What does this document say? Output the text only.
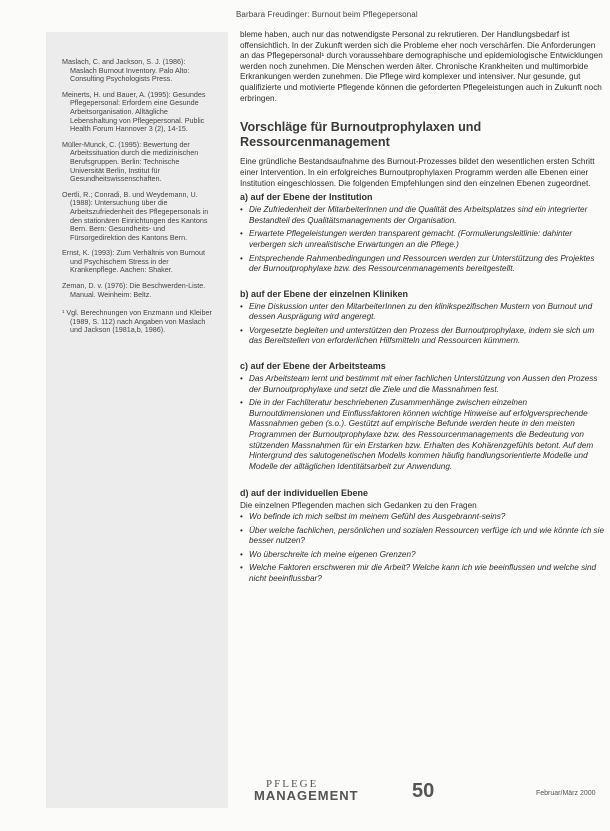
Barbara Freudinger: Burnout beim Pflegepersonal

Maslach, C. and Jackson, S. J. (1986): Maslach Burnout Inventory. Palo Alto: Consulting Psychologists Press.

Meinerts, H. und Bauer, A. (1995): Gesundes Pflegepersonal: Erfordern eine Gesunde Arbeitsorganisation. Alltägliche Lebenshaltung von Pflegepersonal. Public Health Forum Hannover 3 (2), 14-15.

Müller-Munck, C. (1995): Bewertung der Arbeitssituation durch die medizinischen Berufsgruppen. Berlin: Technische Universität Berlin, Institut für Gesundheitswissenschaften.

Oertli, R.; Conradi, B. und Weydemann, U. (1988): Untersuchung über die Arbeitszufriedenheit des Pflegepersonals in den stationären Einrichtungen des Kantons Bern. Bern: Gesundheits- und Fürsorgedirektion des Kantons Bern.

Ernst, K. (1993): Zum Verhältnis von Burnout und Psychischem Stress in der Krankenpflege. Aachen: Shaker.

Zeman, D. v. (1976): Die Beschwerden-Liste. Manual. Weinheim: Beltz.

¹ Vgl. Berechnungen von Enzmann und Kleiber (1989, S. 112) nach Angaben von Maslach und Jackson (1981a,b, 1986).

bleme haben, auch nur das notwendigste Personal zu rekrutieren. Der Handlungsbedarf ist offensichtlich. In der Zukunft werden sich die Probleme eher noch verschärfen. Die Anforderungen an das Pflegepersonal¹ durch voraussehbare demographische und epidemiologische Entwicklungen werden noch zunehmen. Die Menschen werden älter. Chronische Krankheiten und multimorbide Erkrankungen werden zunehmen. Die Pflege wird komplexer und intensiver. Nur gesunde, gut qualifizierte und motivierte Pflegende können die geforderten Pflegeleistungen auch in Zukunft noch erbringen.

Vorschläge für Burnoutprophylaxen und Ressourcenmanagement

Eine gründliche Bestandsaufnahme des Burnout-Prozesses bildet den wesentlichen ersten Schritt einer Intervention. In ein erfolgreiches Burnoutprophylaxen Programm werden alle Ebenen einer Institution eingeschlossen. Die folgenden Empfehlungen sind den einzelnen Ebenen zugeordnet.

a) auf der Ebene der Institution
• Die Zufriedenheit der MitarbeiterInnen und die Qualität des Arbeitsplatzes sind ein integrierter Bestandteil des Qualitätsmanagements der Organisation.
• Erwartete Pflegeleistungen werden transparent gemacht. (Formulierungsleitlinie: dahinter verbergen sich unrealistische Erwartungen an die Pflege.)
• Entsprechende Rahmenbedingungen und Ressourcen werden zur Unterstützung des Projektes der Burnoutprophylaxe bzw. des Ressourcenmanagements bereitgestellt.
b) auf der Ebene der einzelnen Kliniken
• Eine Diskussion unter den MitarbeiterInnen zu den klinikspezifischen Mustern von Burnout und dessen Ausprägung wird angeregt.
• Vorgesetzte begleiten und unterstützen den Prozess der Burnoutprophylaxe, indem sie sich um das Bereitstellen von erforderlichen Hilfsmitteln und Ressourcen kümmern.
c) auf der Ebene der Arbeitsteams
• Das Arbeitsteam lernt und bestimmt mit einer fachlichen Unterstützung von Aussen den Prozess der Burnoutprophylaxe und setzt die Ziele und die Massnahmen fest.
• Die in der Fachliteratur beschriebenen Zusammenhänge zwischen einzelnen Burnoutdimensionen und Einflussfaktoren können wichtige Hinweise auf erfolgversprechende Massnahmen geben (s.o.). Gestützt auf empirische Befunde werden heute in den meisten Programmen der Burnoutprophylaxe bzw. des Ressourcenmanagements die Bedeutung von stützenden Massnahmen für ein Erstarken bzw. Erhalten des Kohärenzgefühls betont. Auf dem Hintergrund des salutogenetischen Modells kommen häufig handlungsorientierte Modelle und Modelle der alltäglichen Identitätsarbeit zur Anwendung.
d) auf der individuellen Ebene

Die einzelnen Pflegenden machen sich Gedanken zu den Fragen

• Wo befinde ich mich selbst im meinem Gefühl des Ausgebrannt-seins?
• Über welche fachlichen, persönlichen und sozialen Ressourcen verfüge ich und wie könnte ich sie besser nutzen?
• Wo überschreite ich meine eigenen Grenzen?
• Welche Faktoren erschweren mir die Arbeit? Welche kann ich wie beeinflussen und welche sind nicht beeinflussbar?
PFLEGE
MANAGEMENT	50	Februar/März 2000
